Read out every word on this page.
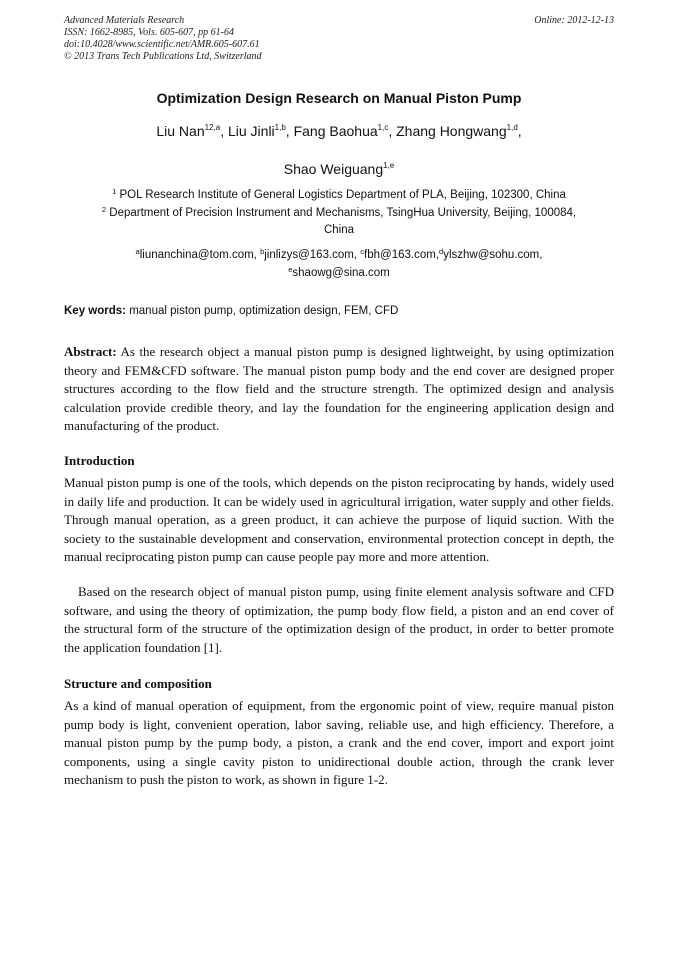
Advanced Materials Research
ISSN: 1662-8985, Vols. 605-607, pp 61-64
doi:10.4028/www.scientific.net/AMR.605-607.61
© 2013 Trans Tech Publications Ltd, Switzerland
Online: 2012-12-13
Optimization Design Research on Manual Piston Pump
Liu Nan$^{12,a}$, Liu Jinli$^{1,b}$, Fang Baohua$^{1,c}$, Zhang Hongwang$^{1,d}$,
Shao Weiguang$^{1,e}$
$^1$ POL Research Institute of General Logistics Department of PLA, Beijing, 102300, China
$^2$ Department of Precision Instrument and Mechanisms, TsingHua University, Beijing, 100084,
China
$^a$liunanchina@tom.com, $^b$jinlizys@163.com, $^c$fbh@163.com,$^d$ylszhw@sohu.com,
$^e$shaowg@sina.com
Key words: manual piston pump, optimization design, FEM, CFD
Abstract: As the research object a manual piston pump is designed lightweight, by using optimization theory and FEM&CFD software. The manual piston pump body and the end cover are designed proper structures according to the flow field and the structure strength. The optimized design and analysis calculation provide credible theory, and lay the foundation for the engineering application design and manufacturing of the product.
Introduction
Manual piston pump is one of the tools, which depends on the piston reciprocating by hands, widely used in daily life and production. It can be widely used in agricultural irrigation, water supply and other fields. Through manual operation, as a green product, it can achieve the purpose of liquid suction. With the society to the sustainable development and conservation, environmental protection concept in depth, the manual reciprocating piston pump can cause people pay more and more attention.
Based on the research object of manual piston pump, using finite element analysis software and CFD software, and using the theory of optimization, the pump body flow field, a piston and an end cover of the structural form of the structure of the optimization design of the product, in order to better promote the application foundation [1].
Structure and composition
As a kind of manual operation of equipment, from the ergonomic point of view, require manual piston pump body is light, convenient operation, labor saving, reliable use, and high efficiency. Therefore, a manual piston pump by the pump body, a piston, a crank and the end cover, import and export joint components, using a single cavity piston to unidirectional double action, through the crank lever mechanism to push the piston to work, as shown in figure 1-2.
